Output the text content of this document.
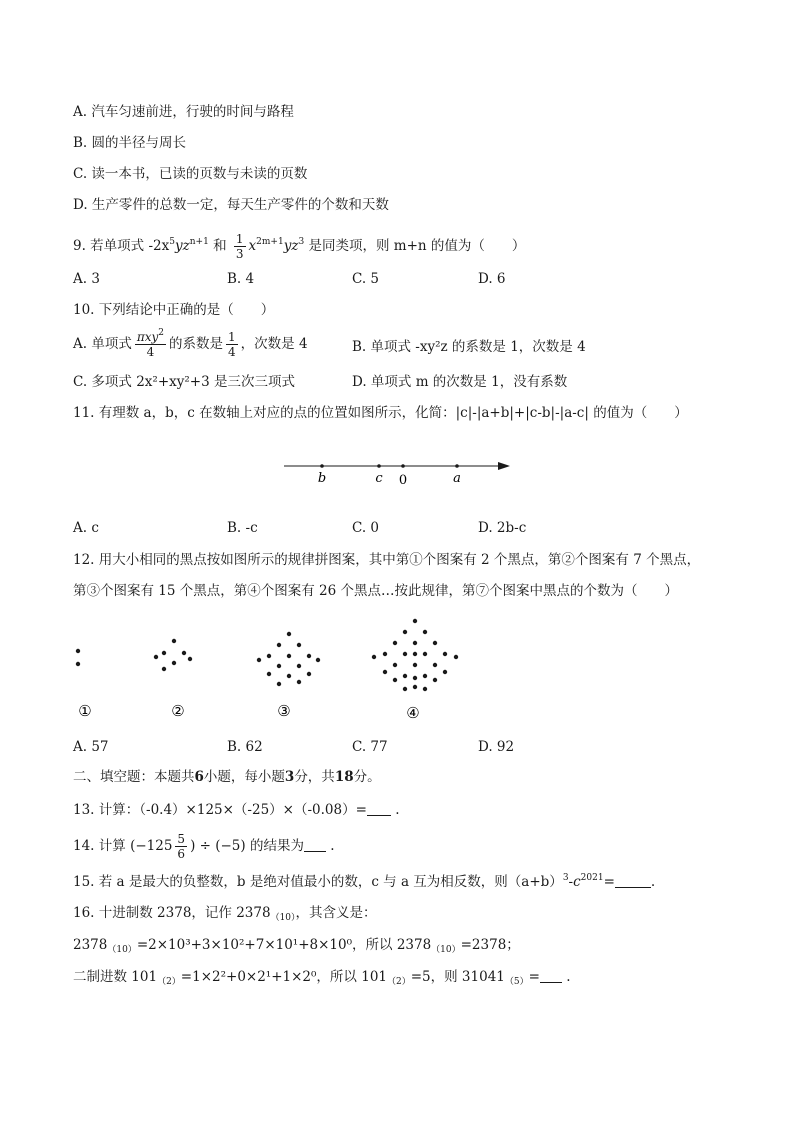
A. 汽车匀速前进，行驶的时间与路程
B. 圆的半径与周长
C. 读一本书，已读的页数与未读的页数
D. 生产零件的总数一定，每天生产零件的个数和天数
9. 若单项式 $-2x^5yz^{n+1}$ 和 $\frac{1}{3} x^{2m+1}yz^3$ 是同类项，则 m+n 的值为（　　）
A. 3	B. 4	C. 5	D. 6
10. 下列结论中正确的是（　　）
A. 单项式 $\frac{\pi xy^2}{4}$ 的系数是 $\frac{1}{4}$ ，次数是 4	B. 单项式 -xy²z 的系数是 1，次数是 4
C. 多项式 2x²+xy²+3 是三次三项式	D. 单项式 m 的次数是 1，没有系数
11. 有理数 a，b，c 在数轴上对应的点的位置如图所示，化简：|c|-|a+b|+|c-b|-|a-c| 的值为（　　）
b	c 0	a
A. c	B. -c	C. 0	D. 2b-c
12. 用大小相同的黑点按如图所示的规律拼图案，其中第①个图案有 2 个黑点，第②个图案有 7 个黑点，
第③个图案有 15 个黑点，第④个图案有 26 个黑点…按此规律，第⑦个图案中黑点的个数为（　　）
①	②	③	④
A. 57	B. 62	C. 77	D. 92
二、填空题：本题共6小题，每小题3分，共18分。
13. 计算：（-0.4）×125×（-25）×（-0.08）= .
14. 计算 ($-125 \frac{5}{6}$ ) ÷ (−5) 的结果为 .
15. 若 a 是最大的负整数，b 是绝对值最小的数，c 与 a 互为相反数，则$(a+b)^3-c^{2021}=$	.
16. 十进制数 2378，记作 $2378_{(10)}$，其含义是：
$2378_{(10)}=2\times 10^3+3\times 10^2+7\times 10^1+8\times 10^0$，所以 $2378_{(10)}=2378$；
二制进数 $101_{(2)}=1\times 2^2+0\times 2^1+1\times 2^0$，所以 $101_{(2)}=5$，则 $31041_{(5)}=$ .
